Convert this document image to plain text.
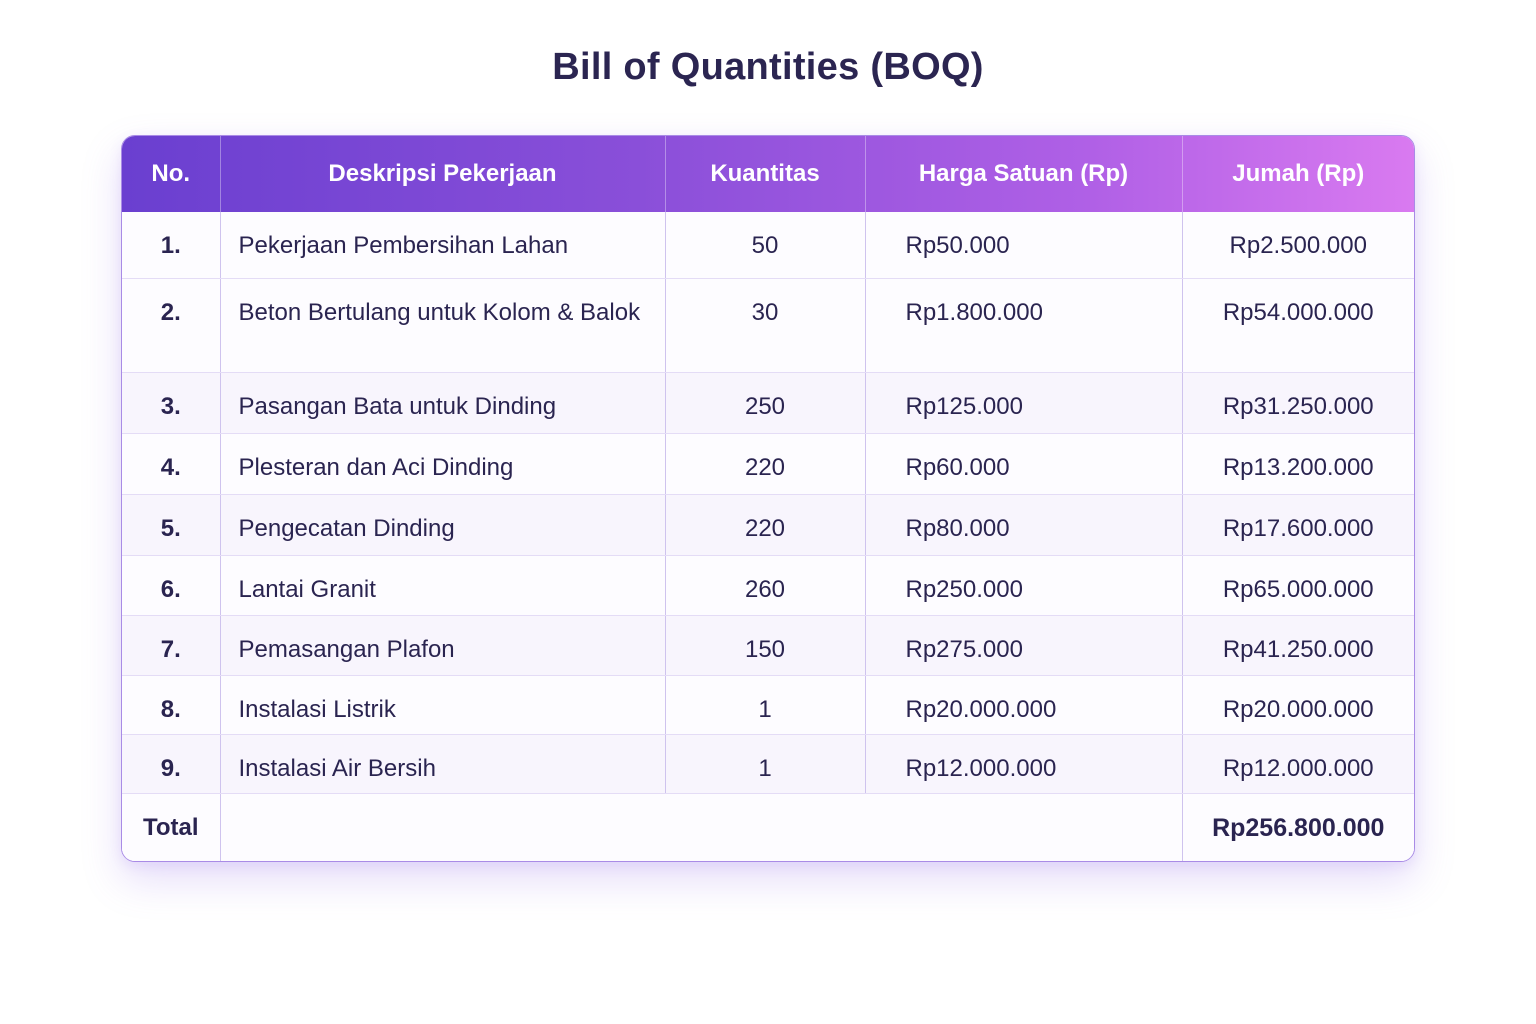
Bill of Quantities (BOQ)
No.	Deskripsi Pekerjaan	Kuantitas	Harga Satuan (Rp)	Jumah (Rp)
1.	Pekerjaan Pembersihan Lahan	50	Rp50.000	Rp2.500.000
2.	Beton Bertulang untuk Kolom & Balok	30	Rp1.800.000	Rp54.000.000
3.	Pasangan Bata untuk Dinding	250	Rp125.000	Rp31.250.000
4.	Plesteran dan Aci Dinding	220	Rp60.000	Rp13.200.000
5.	Pengecatan Dinding	220	Rp80.000	Rp17.600.000
6.	Lantai Granit	260	Rp250.000	Rp65.000.000
7.	Pemasangan Plafon	150	Rp275.000	Rp41.250.000
8.	Instalasi Listrik	1	Rp20.000.000	Rp20.000.000
9.	Instalasi Air Bersih	1	Rp12.000.000	Rp12.000.000
Total				Rp256.800.000
